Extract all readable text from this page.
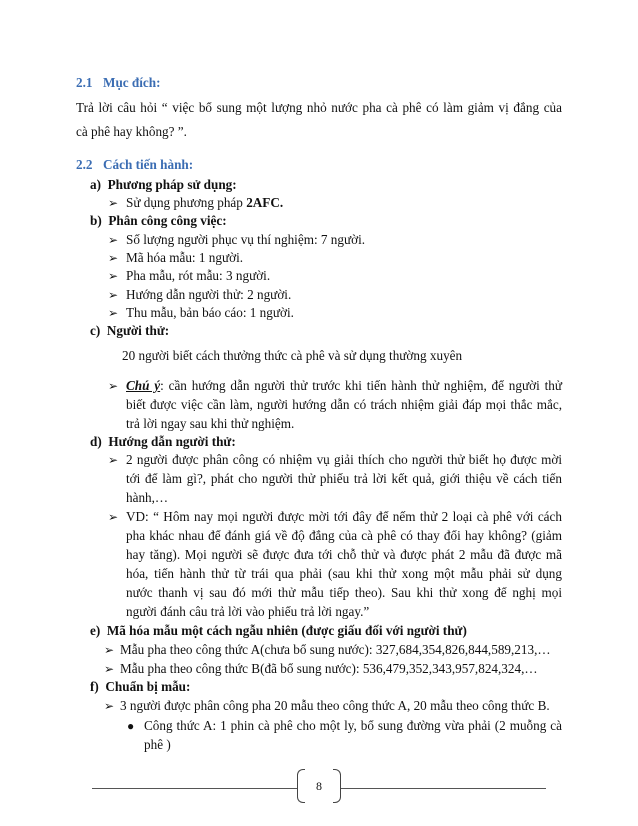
2.1 Mục đích:
Trả lời câu hỏi “ việc bổ sung một lượng nhỏ nước pha cà phê có làm giảm vị đắng của
cà phê hay không? ”.
2.2 Cách tiến hành:
a) Phương pháp sử dụng:
➢ Sử dụng phương pháp 2AFC.
b) Phân công công việc:
➢ Số lượng người phục vụ thí nghiệm: 7 người.
➢ Mã hóa mẫu: 1 người.
➢ Pha mẫu, rót mẫu: 3 người.
➢ Hướng dẫn người thử: 2 người.
➢ Thu mẫu, bản báo cáo: 1 người.
c) Người thử:
20 người biết cách thưởng thức cà phê và sử dụng thường xuyên
➢ Chú ý: cần hướng dẫn người thử trước khi tiến hành thử nghiệm, để người thử
biết được việc cần làm, người hướng dẫn có trách nhiệm giải đáp mọi thắc mắc,
trả lời ngay sau khi thử nghiệm.
d) Hướng dẫn người thử:
➢ 2 người được phân công có nhiệm vụ giải thích cho người thử biết họ được mời
tới để làm gì?, phát cho người thử phiếu trả lời kết quả, giới thiệu về cách tiến
hành,…
➢ VD: “ Hôm nay mọi người được mời tới đây để nếm thử 2 loại cà phê với cách
pha khác nhau để đánh giá về độ đắng của cà phê có thay đổi hay không? (giảm
hay tăng). Mọi người sẽ được đưa tới chỗ thử và được phát 2 mẫu đã được mã
hóa, tiến hành thử từ trái qua phải (sau khi thử xong một mẫu phải sử dụng
nước thanh vị sau đó mới thử mẫu tiếp theo). Sau khi thử xong để nghị mọi
người đánh câu trả lời vào phiếu trả lời ngay.”
e) Mã hóa mẫu một cách ngẫu nhiên (được giấu đối với người thử)
➢ Mẫu pha theo công thức A(chưa bổ sung nước): 327,684,354,826,844,589,213,…
➢ Mẫu pha theo công thức B(đã bổ sung nước): 536,479,352,343,957,824,324,…
f) Chuẩn bị mẫu:
➢ 3 người được phân công pha 20 mẫu theo công thức A, 20 mẫu theo công thức B.
● Công thức A: 1 phin cà phê cho một ly, bổ sung đường vừa phải (2 muỗng cà
phê )
8
